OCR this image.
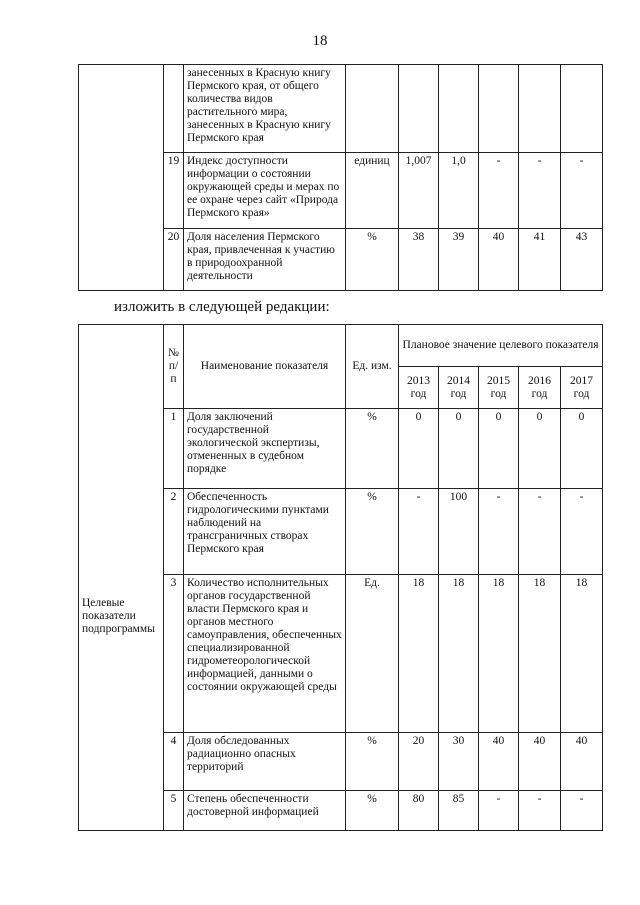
18
		занесенных в Красную книгу Пермского края, от общего количества видов растительного мира, занесенных в Красную книгу Пермского края						
	19	Индекс доступности информации о состоянии окружающей среды и мерах по ее охране через сайт «Природа Пермского края»	единиц	1,007	1,0	-	-	-
	20	Доля населения Пермского края, привлеченная к участию в природоохранной деятельности	%	38	39	40	41	43
изложить в следующей редакции:
Целевые показатели подпрограммы	№ п/п	Наименование показателя	Ед. изм.	Плановое значение целевого показателя				
				2013 год	2014 год	2015 год	2016 год	2017 год
	1	Доля заключений государственной экологической экспертизы, отмененных в судебном порядке	%	0	0	0	0	0
	2	Обеспеченность гидрологическими пунктами наблюдений на трансграничных створах Пермского края	%	-	100	-	-	-
	3	Количество исполнительных органов государственной власти Пермского края и органов местного самоуправления, обеспеченных специализированной гидрометеорологической информацией, данными о состоянии окружающей среды	Ед.	18	18	18	18	18
	4	Доля обследованных радиационно опасных территорий	%	20	30	40	40	40
	5	Степень обеспеченности достоверной информацией	%	80	85	-	-	-
